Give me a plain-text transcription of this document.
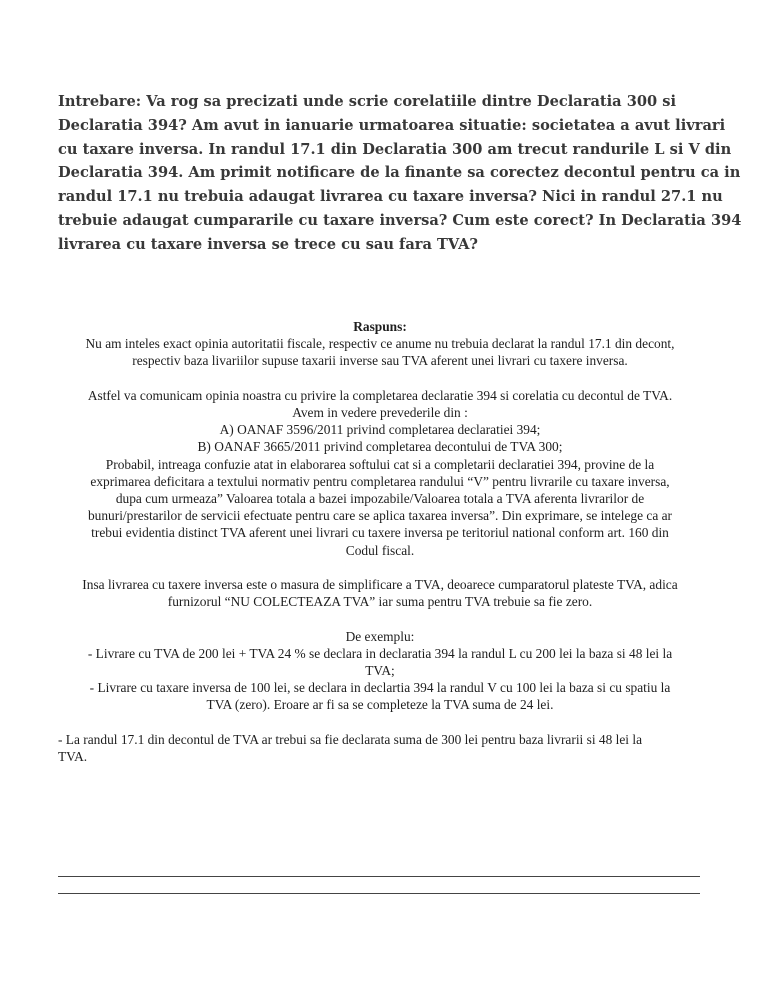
Intrebare: Va rog sa precizati unde scrie corelatiile dintre Declaratia 300 si
Declaratia 394? Am avut in ianuarie urmatoarea situatie: societatea a avut livrari
cu taxare inversa. In randul 17.1 din Declaratia 300 am trecut randurile L si V din
Declaratia 394. Am primit notificare de la finante sa corectez decontul pentru ca in
randul 17.1 nu trebuia adaugat livrarea cu taxare inversa? Nici in randul 27.1 nu
trebuie adaugat cumpararile cu taxare inversa? Cum este corect? In Declaratia 394
livrarea cu taxare inversa se trece cu sau fara TVA?

Raspuns:
Nu am inteles exact opinia autoritatii fiscale, respectiv ce anume nu trebuia declarat la randul 17.1 din decont,
respectiv baza livariilor supuse taxarii inverse sau TVA aferent unei livrari cu taxere inversa.
Astfel va comunicam opinia noastra cu privire la completarea declaratie 394 si corelatia cu decontul de TVA.
Avem in vedere prevederile din :
A) OANAF 3596/2011 privind completarea declaratiei 394;
B) OANAF 3665/2011 privind completarea decontului de TVA 300;
Probabil, intreaga confuzie atat in elaborarea softului cat si a completarii declaratiei 394, provine de la
exprimarea deficitara a textului normativ pentru completarea randului “V” pentru livrarile cu taxare inversa,
dupa cum urmeaza” Valoarea totala a bazei impozabile/Valoarea totala a TVA aferenta livrarilor de
bunuri/prestarilor de servicii efectuate pentru care se aplica taxarea inversa”. Din exprimare, se intelege ca ar
trebui evidentia distinct TVA aferent unei livrari cu taxere inversa pe teritoriul national conform art. 160 din
Codul fiscal.
Insa livrarea cu taxere inversa este o masura de simplificare a TVA, deoarece cumparatorul plateste TVA, adica
furnizorul “NU COLECTEAZA TVA” iar suma pentru TVA trebuie sa fie zero.
De exemplu:
- Livrare cu TVA de 200 lei + TVA 24 % se declara in declaratia 394 la randul L cu 200 lei la baza si 48 lei la
TVA;
- Livrare cu taxare inversa de 100 lei, se declara in declartia 394 la randul V cu 100 lei la baza si cu spatiu la
TVA (zero). Eroare ar fi sa se completeze la TVA suma de 24 lei.
- La randul 17.1 din decontul de TVA ar trebui sa fie declarata suma de 300 lei pentru baza livrarii si 48 lei la
TVA.
